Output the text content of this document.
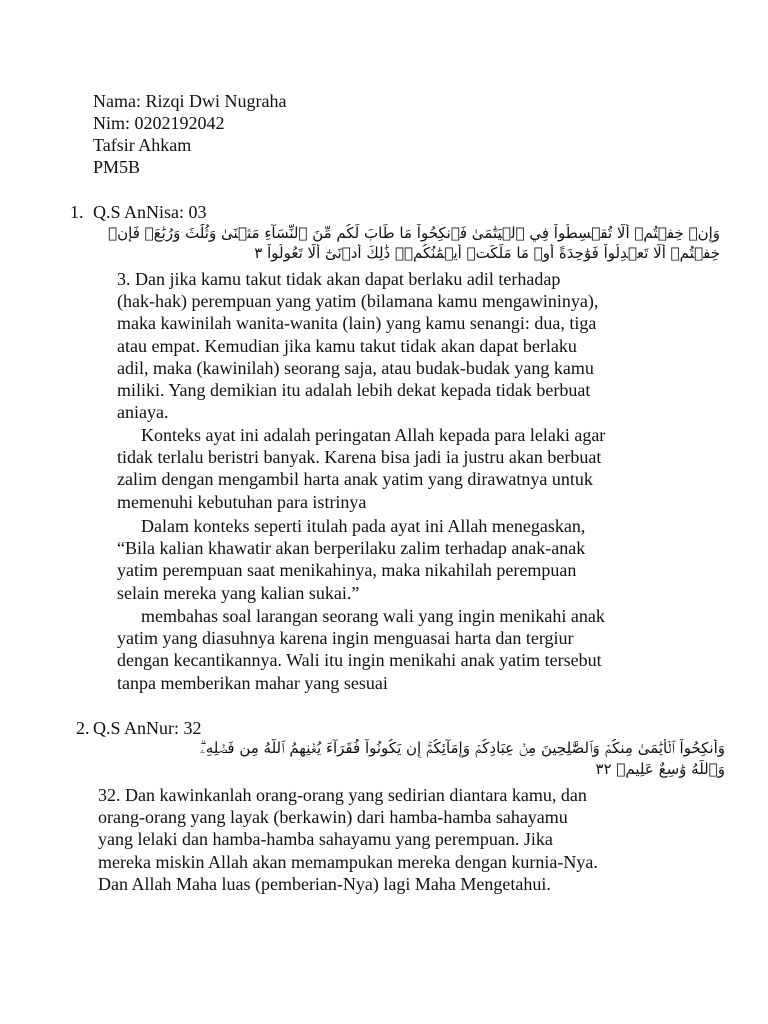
Nama: Rizqi Dwi Nugraha
Nim: 0202192042
Tafsir Ahkam
PM5B
1. Q.S AnNisa: 03
وَإِنۡ خِفۡتُمۡ أَلَّا تُقۡسِطُواْ فِي ٱلۡيَتَٰمَىٰ فَٱنكِحُواْ مَا طَابَ لَكُم مِّنَ ٱلنِّسَآءِ مَثۡنَىٰ وَثُلَٰثَ وَرُبَٰعَۖ فَإِنۡ
خِفۡتُمۡ أَلَّا تَعۡدِلُواْ فَوَٰحِدَةً أَوۡ مَا مَلَكَتۡ أَيۡمَٰنُكُمۡۚ ذَٰلِكَ أَدۡنَىٰٓ أَلَّا تَعُولُواْ ٣
3. Dan jika kamu takut tidak akan dapat berlaku adil terhadap
(hak-hak) perempuan yang yatim (bilamana kamu mengawininya),
maka kawinilah wanita-wanita (lain) yang kamu senangi: dua, tiga
atau empat. Kemudian jika kamu takut tidak akan dapat berlaku
adil, maka (kawinilah) seorang saja, atau budak-budak yang kamu
miliki. Yang demikian itu adalah lebih dekat kepada tidak berbuat
aniaya.
Konteks ayat ini adalah peringatan Allah kepada para lelaki agar
tidak terlalu beristri banyak. Karena bisa jadi ia justru akan berbuat
zalim dengan mengambil harta anak yatim yang dirawatnya untuk
memenuhi kebutuhan para istrinya
Dalam konteks seperti itulah pada ayat ini Allah menegaskan,
“Bila kalian khawatir akan berperilaku zalim terhadap anak-anak
yatim perempuan saat menikahinya, maka nikahilah perempuan
selain mereka yang kalian sukai.”
membahas soal larangan seorang wali yang ingin menikahi anak
yatim yang diasuhnya karena ingin menguasai harta dan tergiur
dengan kecantikannya. Wali itu ingin menikahi anak yatim tersebut
tanpa memberikan mahar yang sesuai
2. Q.S AnNur: 32
وَأَنكِحُواْ ٱلۡأَيَٰمَىٰ مِنكُمۡ وَٱلصَّٰلِحِينَ مِنۡ عِبَادِكُمۡ وَإِمَآئِكُمۡۚ إِن يَكُونُواْ فُقَرَآءَ يُغۡنِهِمُ ٱللَّهُ مِن فَضۡلِهِۦۗ
وَٱللَّهُ وَٰسِعٌ عَلِيمٞ ٣٢
32. Dan kawinkanlah orang-orang yang sedirian diantara kamu, dan
orang-orang yang layak (berkawin) dari hamba-hamba sahayamu
yang lelaki dan hamba-hamba sahayamu yang perempuan. Jika
mereka miskin Allah akan memampukan mereka dengan kurnia-Nya.
Dan Allah Maha luas (pemberian-Nya) lagi Maha Mengetahui.
